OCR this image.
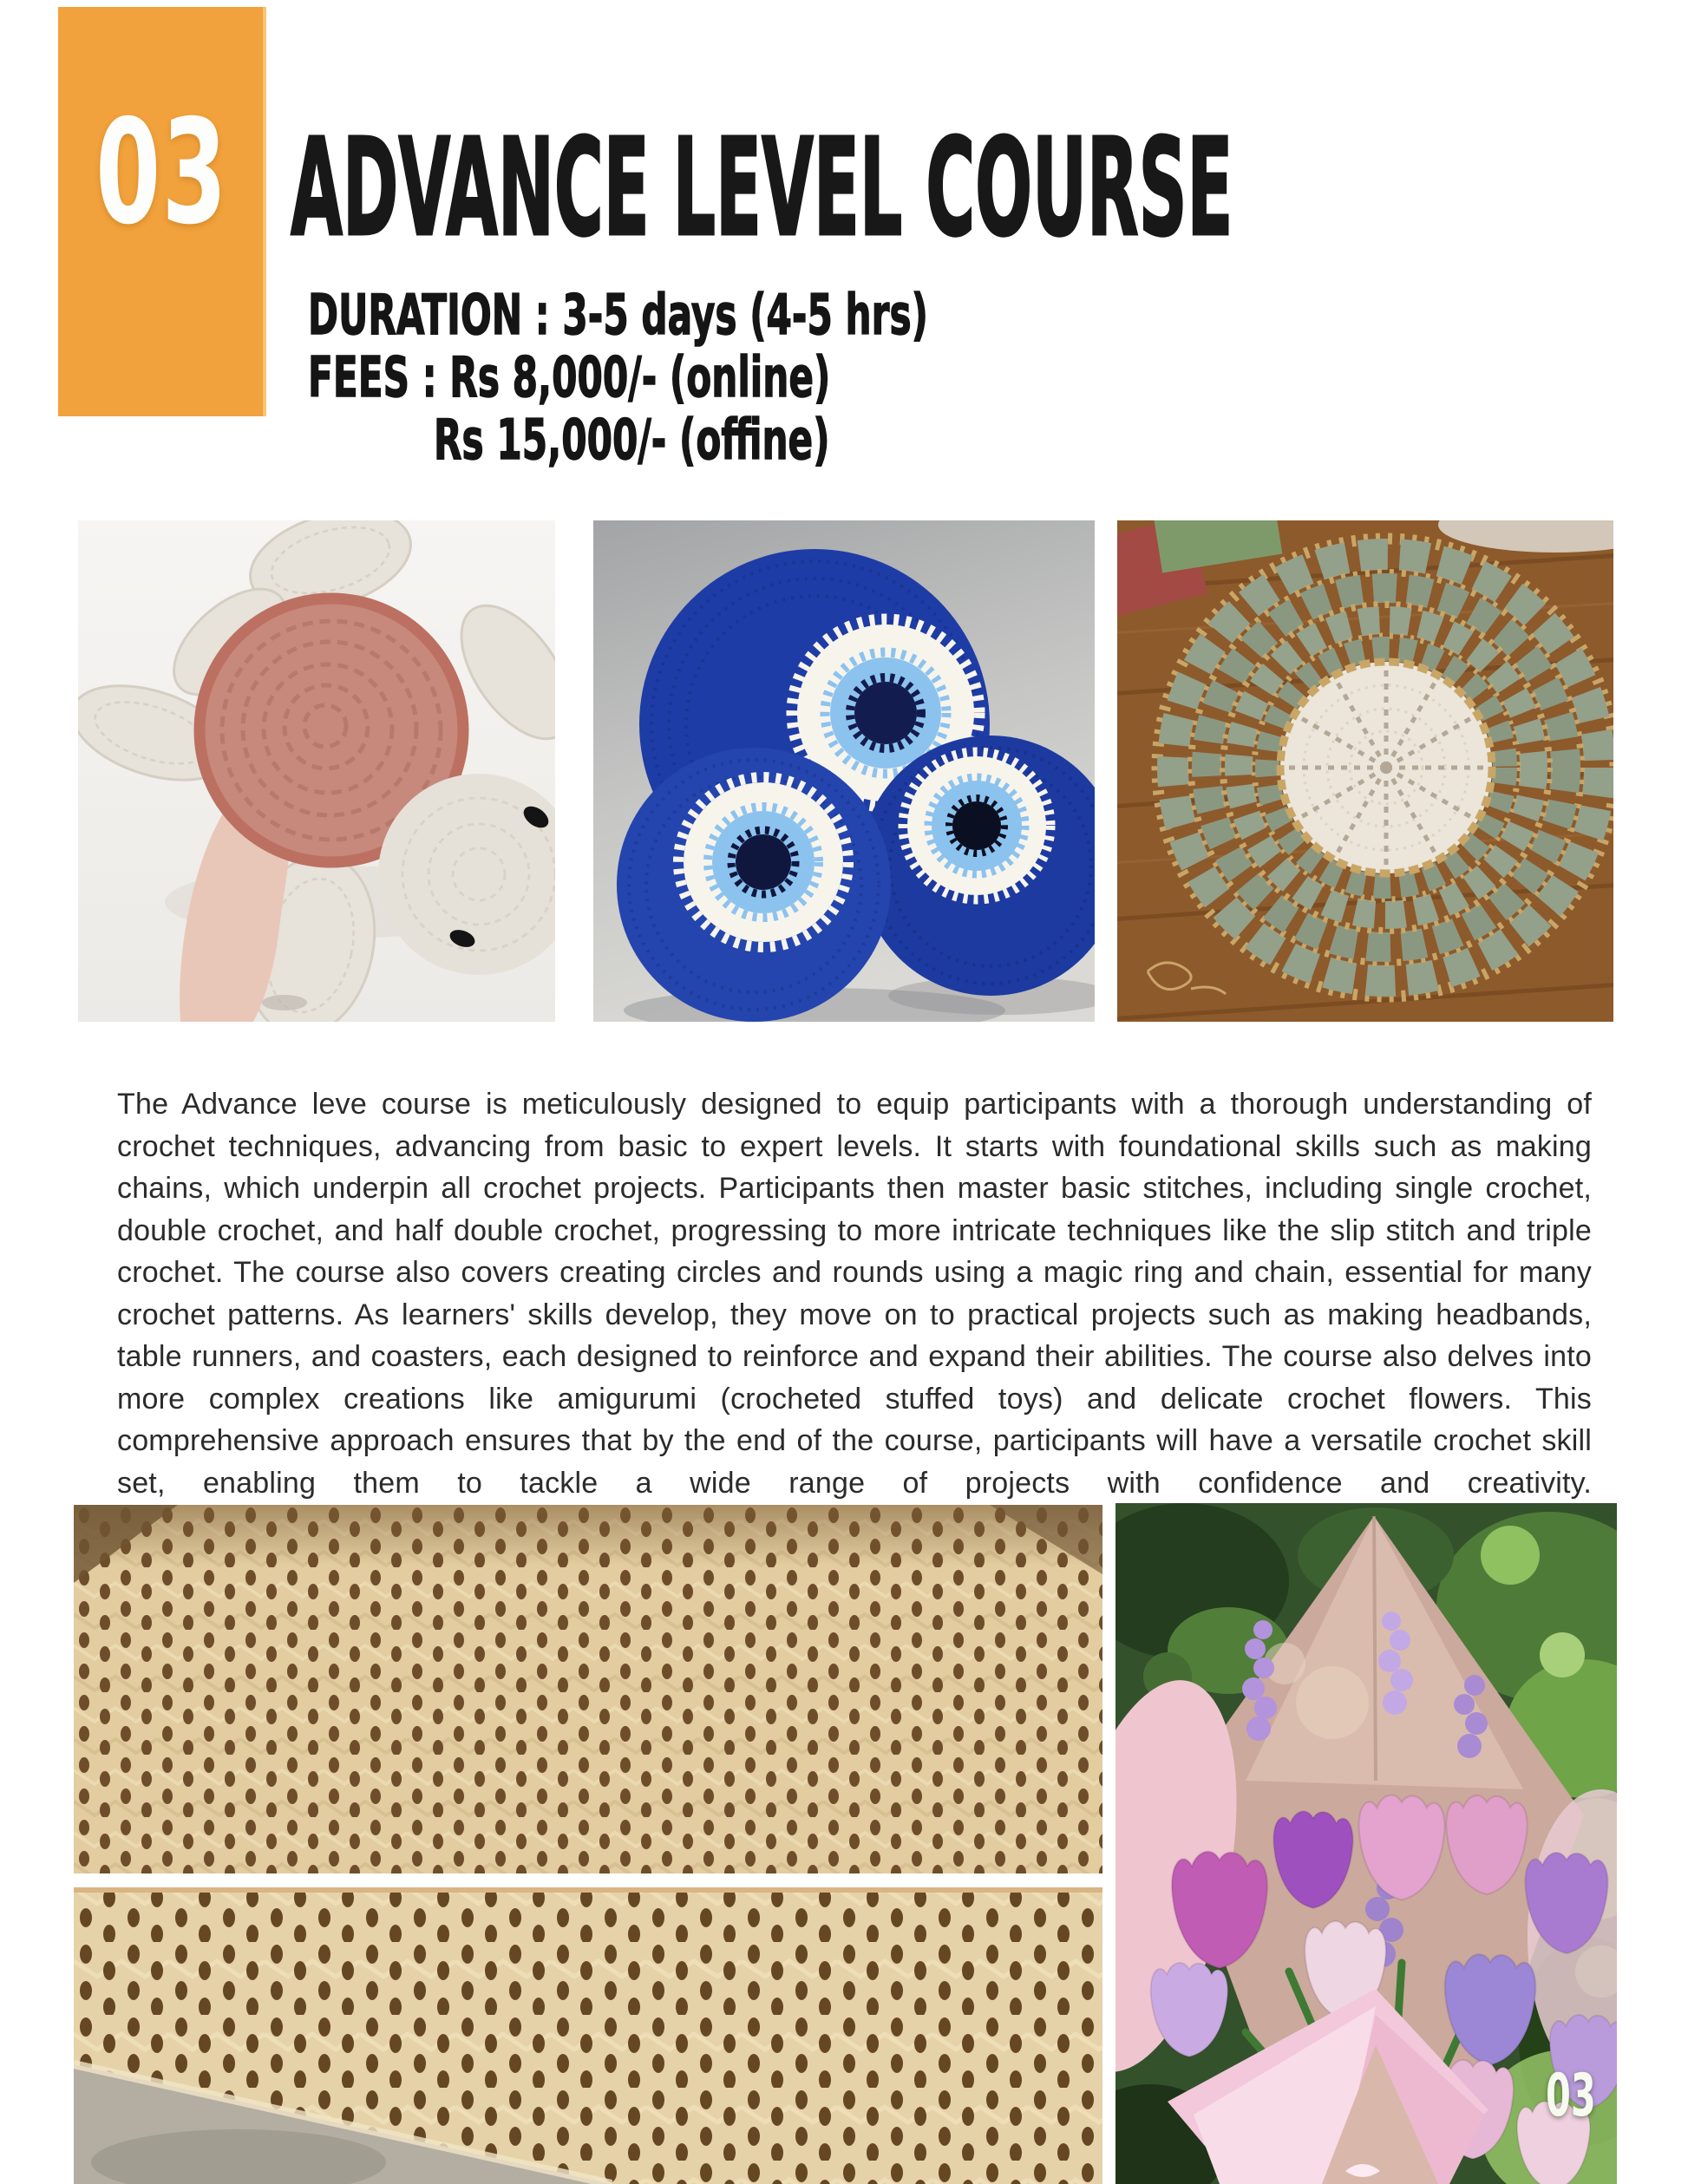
03 ADVANCE LEVEL COURSE
DURATION : 3-5 days (4-5 hrs)
FEES : Rs 8,000/- (online)
Rs 15,000/- (offine)

The Advance leve course is meticulously designed to equip participants with a thorough understanding of crochet techniques, advancing from basic to expert levels. It starts with foundational skills such as making chains, which underpin all crochet projects. Participants then master basic stitches, including single crochet, double crochet, and half double crochet, progressing to more intricate techniques like the slip stitch and triple crochet. The course also covers creating circles and rounds using a magic ring and chain, essential for many crochet patterns. As learners' skills develop, they move on to practical projects such as making headbands, table runners, and coasters, each designed to reinforce and expand their abilities. The course also delves into more complex creations like amigurumi (crocheted stuffed toys) and delicate crochet flowers. This comprehensive approach ensures that by the end of the course, participants will have a versatile crochet skill set, enabling them to tackle a wide range of projects with confidence and creativity.

03
